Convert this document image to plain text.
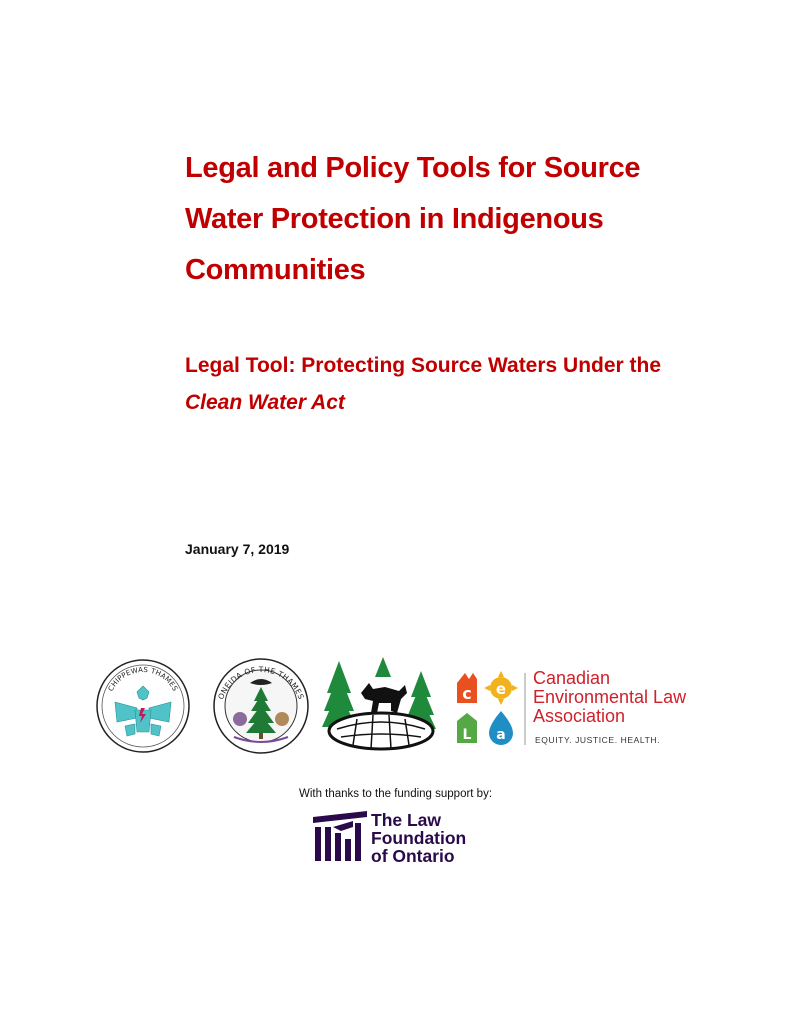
Legal and Policy Tools for Source
Water Protection in Indigenous
Communities
Legal Tool: Protecting Source Waters Under the
Clean Water Act
January 7, 2019
CHIPPEWAS THAMES
ONEIDA OF THE THAMES	c e
L a
Canadian
Environmental Law
Association
EQUITY. JUSTICE. HEALTH.
With thanks to the funding support by:
The Law
Foundation
of Ontario
